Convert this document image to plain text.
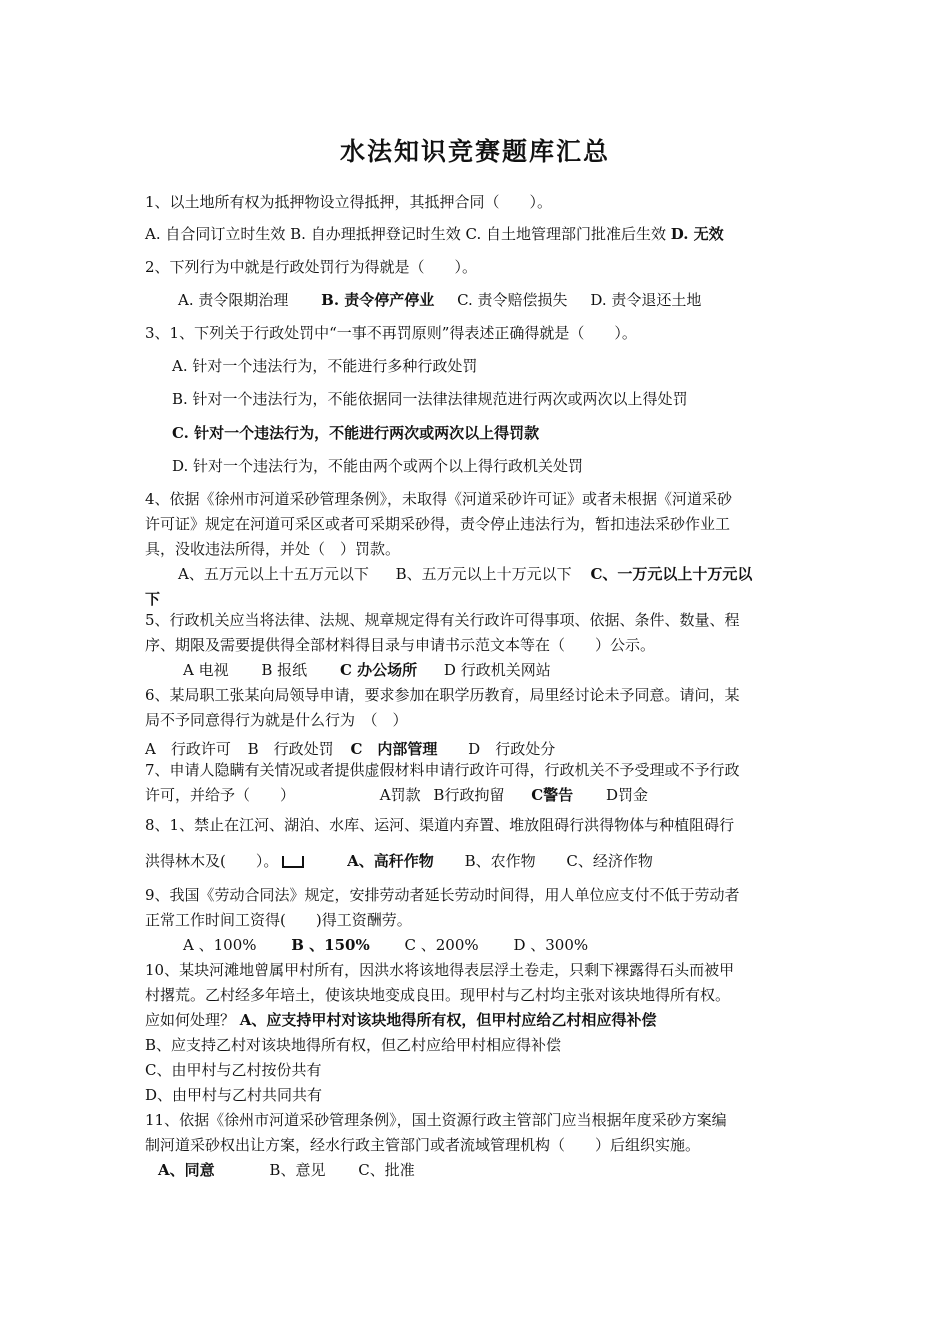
水法知识竞赛题库汇总
1、以土地所有权为抵押物设立得抵押，其抵押合同（　　）。
A. 自合同订立时生效 B. 自办理抵押登记时生效 C. 自土地管理部门批准后生效 D. 无效
2、下列行为中就是行政处罚行为得就是（　　）。
A. 责令限期治理 B. 责令停产停业 C. 责令赔偿损失 D. 责令退还土地
3、1、下列关于行政处罚中“一事不再罚原则”得表述正确得就是（　　）。
A. 针对一个违法行为，不能进行多种行政处罚
B. 针对一个违法行为，不能依据同一法律法律规范进行两次或两次以上得处罚
C. 针对一个违法行为，不能进行两次或两次以上得罚款
D. 针对一个违法行为，不能由两个或两个以上得行政机关处罚
4、依据《徐州市河道采砂管理条例》，未取得《河道采砂许可证》或者未根据《河道采砂
许可证》规定在河道可采区或者可采期采砂得，责令停止违法行为，暂扣违法采砂作业工
具，没收违法所得，并处（　）罚款。
A、五万元以上十五万元以下 B、五万元以上十万元以下 C、一万元以上十万元以
下
5、行政机关应当将法律、法规、规章规定得有关行政许可得事项、依据、条件、数量、程
序、期限及需要提供得全部材料得目录与申请书示范文本等在（　　）公示。
A 电视 B 报纸 C 办公场所 D 行政机关网站
6、某局职工张某向局领导申请，要求参加在职学历教育，局里经讨论未予同意。请问，某
局不予同意得行为就是什么行为　（　）
A　行政许可 B　行政处罚 C　内部管理 D　行政处分
7、申请人隐瞒有关情况或者提供虚假材料申请行政许可得，行政机关不予受理或不予行政
许可，并给予（　　）	A罚款 B行政拘留 C警告 D罚金
8、1、禁止在江河、湖泊、水库、运河、渠道内弃置、堆放阻碍行洪得物体与种植阻碍行
洪得林木及(　　）。	A、高秆作物 B、农作物 C、经济作物
9、我国《劳动合同法》规定，安排劳动者延长劳动时间得，用人单位应支付不低于劳动者
正常工作时间工资得(　　)得工资酬劳。
A 、100% B 、150% C 、200% D 、300%
10、某块河滩地曾属甲村所有，因洪水将该地得表层浮土卷走，只剩下裸露得石头而被甲
村撂荒。乙村经多年培土，使该块地变成良田。现甲村与乙村均主张对该块地得所有权。
应如何处理？ A、应支持甲村对该块地得所有权，但甲村应给乙村相应得补偿
B、应支持乙村对该块地得所有权，但乙村应给甲村相应得补偿
C、由甲村与乙村按份共有
D、由甲村与乙村共同共有
11、依据《徐州市河道采砂管理条例》，国土资源行政主管部门应当根据年度采砂方案编
制河道采砂权出让方案，经水行政主管部门或者流域管理机构（　　）后组织实施。
A、同意	B、意见 C、批准
